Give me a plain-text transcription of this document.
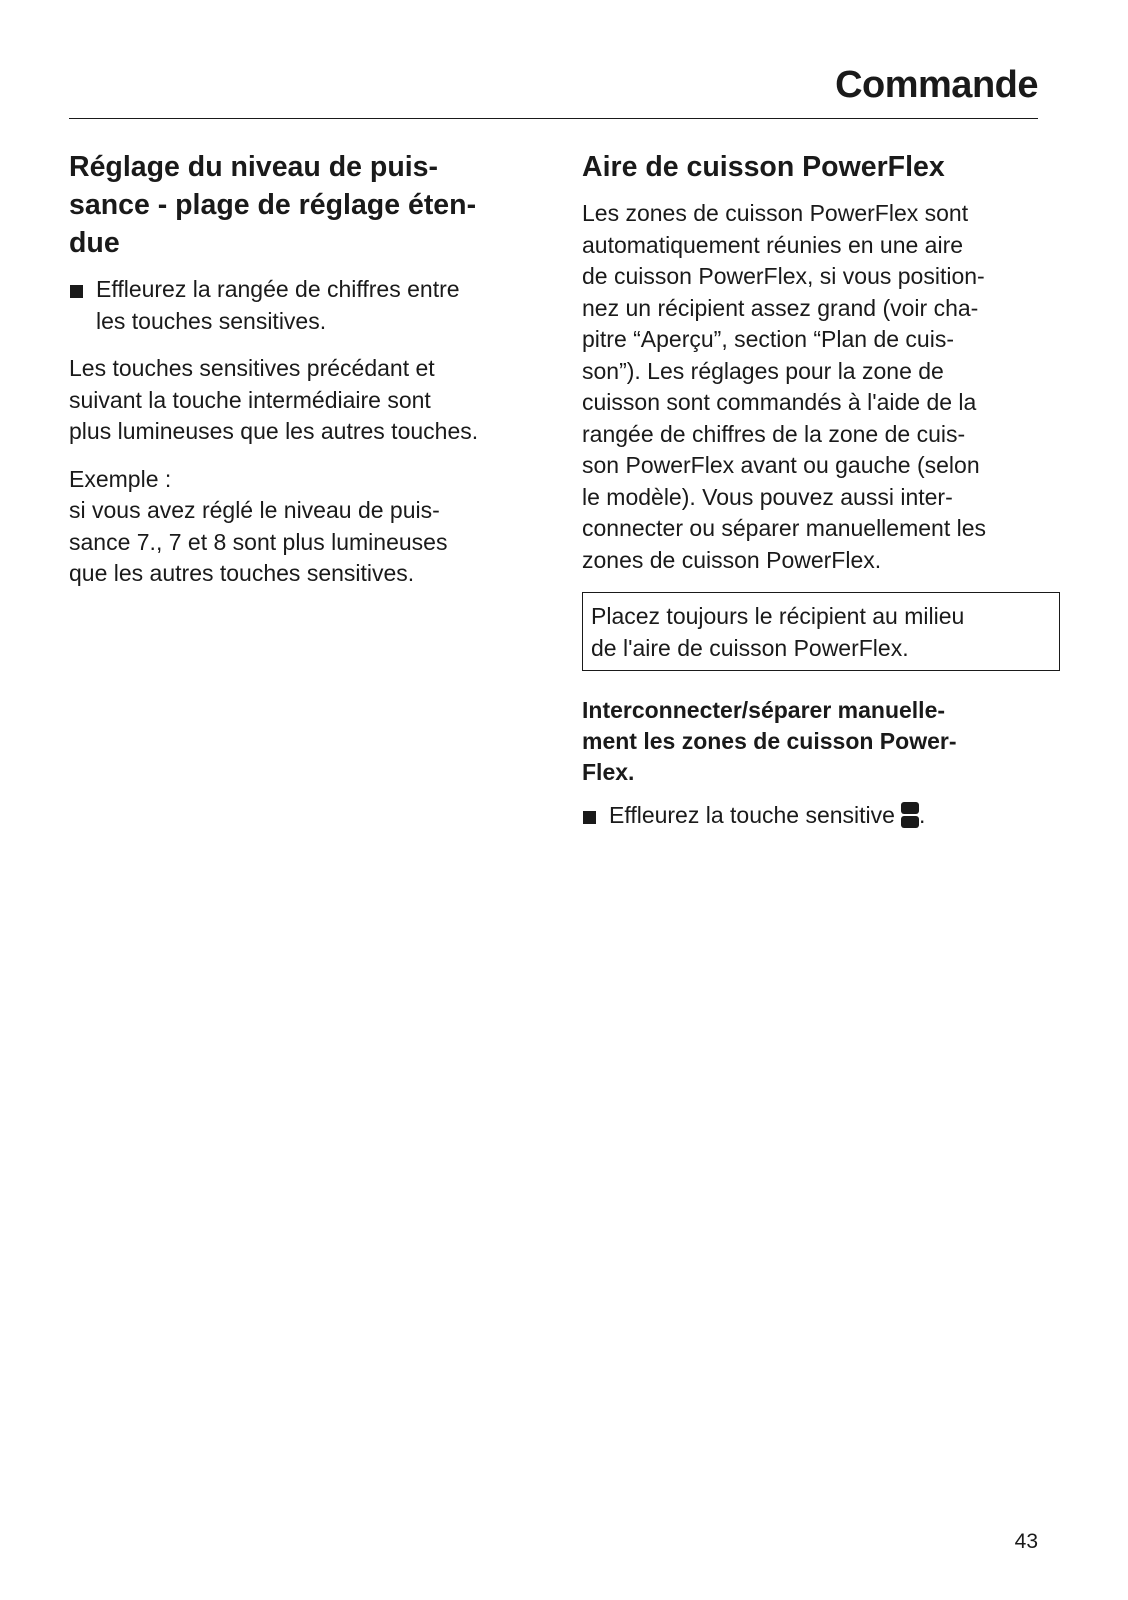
Commande
Réglage du niveau de puis-
sance - plage de réglage éten-
due

Effleurez la rangée de chiffres entre
les touches sensitives.

Les touches sensitives précédant et
suivant la touche intermédiaire sont
plus lumineuses que les autres touches.

Exemple :
si vous avez réglé le niveau de puis-
sance 7., 7 et 8 sont plus lumineuses
que les autres touches sensitives.

Aire de cuisson PowerFlex

Les zones de cuisson PowerFlex sont
automatiquement réunies en une aire
de cuisson PowerFlex, si vous position-
nez un récipient assez grand (voir cha-
pitre “Aperçu”, section “Plan de cuis-
son”). Les réglages pour la zone de
cuisson sont commandés à l'aide de la
rangée de chiffres de la zone de cuis-
son PowerFlex avant ou gauche (selon
le modèle). Vous pouvez aussi inter-
connecter ou séparer manuellement les
zones de cuisson PowerFlex.

Placez toujours le récipient au milieu
de l'aire de cuisson PowerFlex.

Interconnecter/séparer manuelle-
ment les zones de cuisson Power-
Flex.

Effleurez la touche sensitive .

43
